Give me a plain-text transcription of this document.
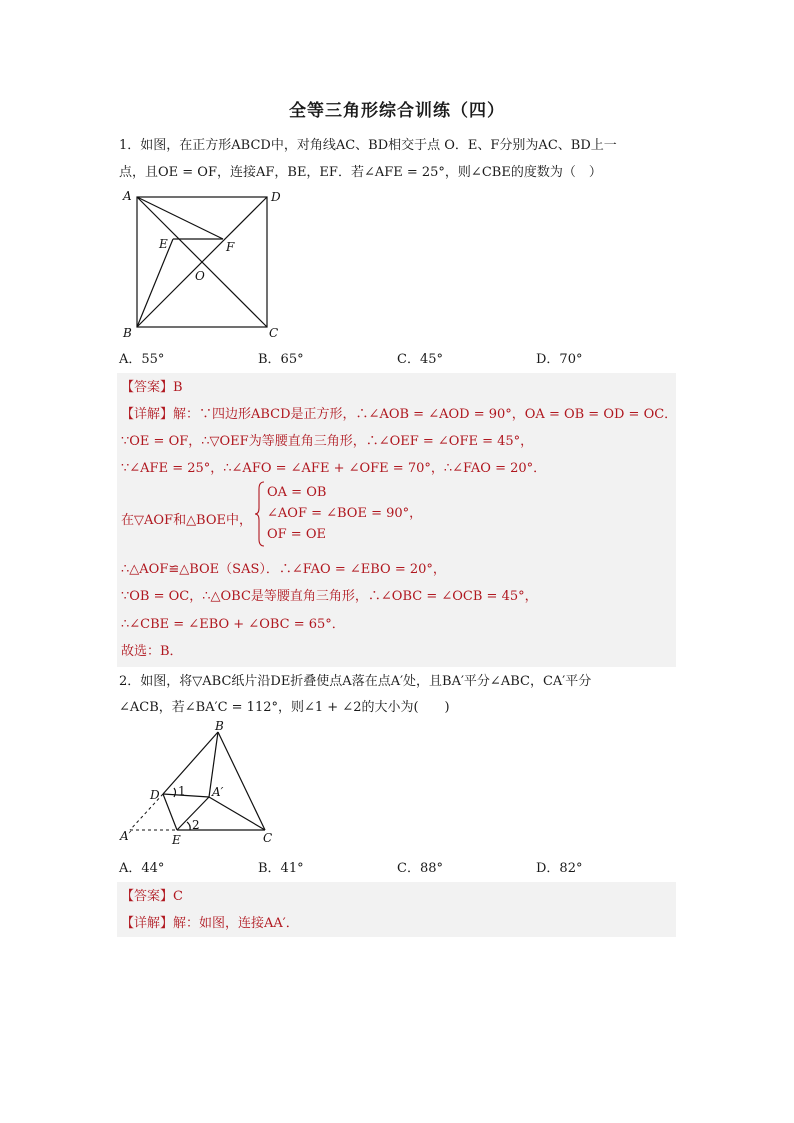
全等三角形综合训练（四）
1．如图，在正方形ABCD中，对角线AC、BD相交于点 O．E、F分别为AC、BD上一
点，且OE = OF，连接AF，BE，EF．若∠AFE = 25°，则∠CBE的度数为（　）
A	D
B	C
E	F
O
A．55°	B．65°	C．45°	D．70°
【答案】B
【详解】解：∵四边形ABCD是正方形，∴∠AOB = ∠AOD = 90°，OA = OB = OD = OC．
∵OE = OF，∴▽OEF为等腰直角三角形，∴∠OEF = ∠OFE = 45°，
∵∠AFE = 25°，∴∠AFO = ∠AFE + ∠OFE = 70°，∴∠FAO = 20°．
在▽AOF和△BOE中，
OA = OB
∠AOF = ∠BOE = 90°，
OF = OE
∴△AOF≌△BOE（SAS）．∴∠FAO = ∠EBO = 20°，
∵OB = OC，∴△OBC是等腰直角三角形，∴∠OBC = ∠OCB = 45°，
∴∠CBE = ∠EBO + ∠OBC = 65°．
故选：B．
2．如图，将▽ABC纸片沿DE折叠使点A落在点A′处，且BA′平分∠ABC，CA′平分
∠ACB，若∠BA′C = 112°，则∠1 + ∠2的大小为(　　)
B
D	A′
A′	E	C
1
2
A．44°	B．41°	C．88°	D．82°
【答案】C
【详解】解：如图，连接AA′．
